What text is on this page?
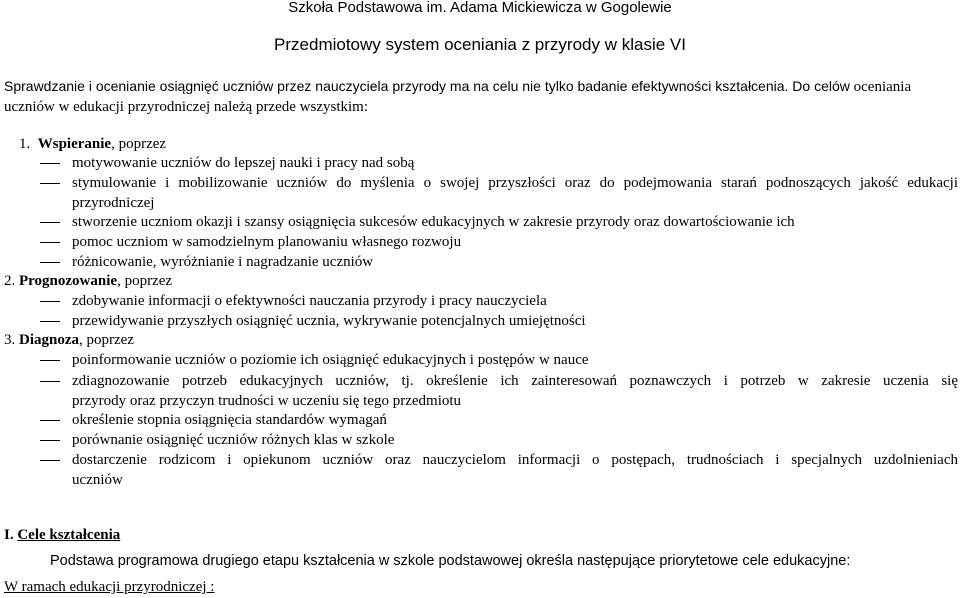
Szkoła Podstawowa im. Adama Mickiewicza w Gogolewie
Przedmiotowy system oceniania z przyrody w klasie VI
Sprawdzanie i ocenianie osiągnięć uczniów przez nauczyciela przyrody ma na celu nie tylko badanie efektywności kształcenia. Do celów oceniania uczniów w edukacji przyrodniczej należą przede wszystkim:
1. Wspieranie, poprzez
motywowanie uczniów do lepszej nauki i pracy nad sobą
stymulowanie i mobilizowanie uczniów do myślenia o swojej przyszłości oraz do podejmowania starań podnoszących jakość edukacji
przyrodniczej
stworzenie uczniom okazji i szansy osiągnięcia sukcesów edukacyjnych w zakresie przyrody oraz dowartościowanie ich
pomoc uczniom w samodzielnym planowaniu własnego rozwoju
różnicowanie, wyróżnianie i nagradzanie uczniów
2. Prognozowanie, poprzez
zdobywanie informacji o efektywności nauczania przyrody i pracy nauczyciela
przewidywanie przyszłych osiągnięć ucznia, wykrywanie potencjalnych umiejętności
3. Diagnoza, poprzez
poinformowanie uczniów o poziomie ich osiągnięć edukacyjnych i postępów w nauce
zdiagnozowanie potrzeb edukacyjnych uczniów, tj. określenie ich zainteresowań poznawczych i potrzeb w zakresie uczenia się
przyrody oraz przyczyn trudności w uczeniu się tego przedmiotu
określenie stopnia osiągnięcia standardów wymagań
porównanie osiągnięć uczniów różnych klas w szkole
dostarczenie rodzicom i opiekunom uczniów oraz nauczycielom informacji o postępach, trudnościach i specjalnych uzdolnieniach
uczniów
I. Cele kształcenia
Podstawa programowa drugiego etapu kształcenia w szkole podstawowej określa następujące priorytetowe cele edukacyjne:
W ramach edukacji przyrodniczej :
